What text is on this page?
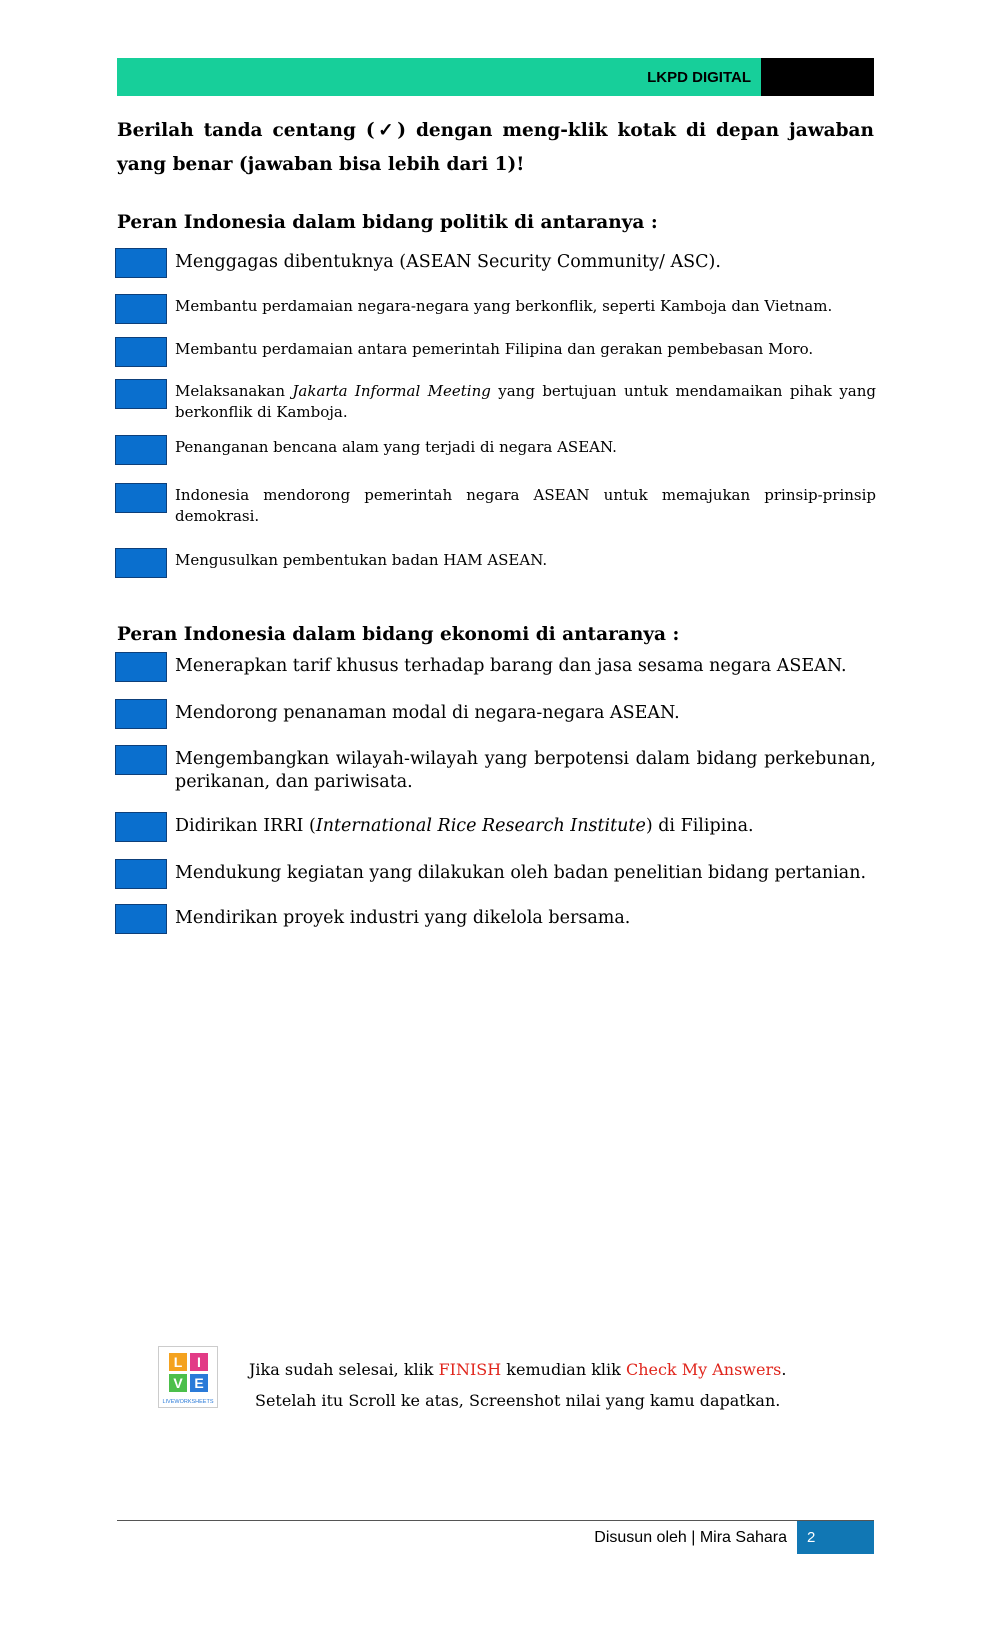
LKPD DIGITAL
Berilah tanda centang (✓) dengan meng-klik kotak di depan jawaban yang benar (jawaban bisa lebih dari 1)!
Peran Indonesia dalam bidang politik di antaranya :
Menggagas dibentuknya (ASEAN Security Community/ ASC).
Membantu perdamaian negara-negara yang berkonflik, seperti Kamboja dan Vietnam.
Membantu perdamaian antara pemerintah Filipina dan gerakan pembebasan Moro.
Melaksanakan Jakarta Informal Meeting yang bertujuan untuk mendamaikan pihak yang berkonflik di Kamboja.
Penanganan bencana alam yang terjadi di negara ASEAN.
Indonesia mendorong pemerintah negara ASEAN untuk memajukan prinsip-prinsip demokrasi.
Mengusulkan pembentukan badan HAM ASEAN.
Peran Indonesia dalam bidang ekonomi di antaranya :
Menerapkan tarif khusus terhadap barang dan jasa sesama negara ASEAN.
Mendorong penanaman modal di negara-negara ASEAN.
Mengembangkan wilayah-wilayah yang berpotensi dalam bidang perkebunan, perikanan, dan pariwisata.
Didirikan IRRI (International Rice Research Institute) di Filipina.
Mendukung kegiatan yang dilakukan oleh badan penelitian bidang pertanian.
Mendirikan proyek industri yang dikelola bersama.
L	I
V E
LIVEWORKSHEETS
Jika sudah selesai, klik FINISH kemudian klik Check My Answers.
Setelah itu Scroll ke atas, Screenshot nilai yang kamu dapatkan.
Disusun oleh | Mira Sahara	2
